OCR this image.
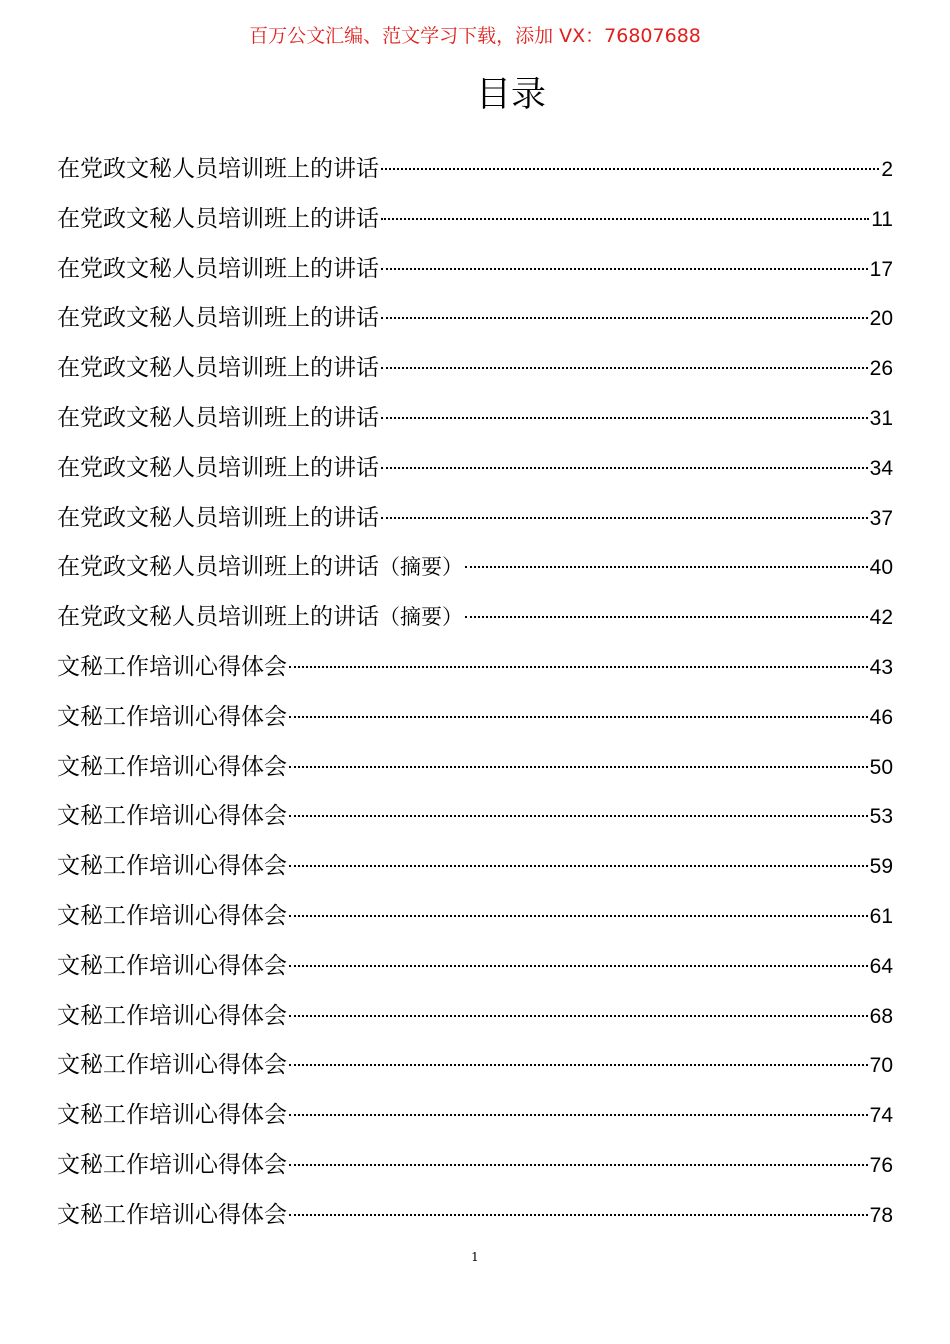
百万公文汇编、范文学习下载，添加 VX：76807688
目录
在党政文秘人员培训班上的讲话	2
在党政文秘人员培训班上的讲话	11
在党政文秘人员培训班上的讲话	17
在党政文秘人员培训班上的讲话	20
在党政文秘人员培训班上的讲话	26
在党政文秘人员培训班上的讲话	31
在党政文秘人员培训班上的讲话	34
在党政文秘人员培训班上的讲话	37
在党政文秘人员培训班上的讲话 （摘要）	40
在党政文秘人员培训班上的讲话 （摘要）	42
文秘工作培训心得体会	43
文秘工作培训心得体会	46
文秘工作培训心得体会	50
文秘工作培训心得体会	53
文秘工作培训心得体会	59
文秘工作培训心得体会	61
文秘工作培训心得体会	64
文秘工作培训心得体会	68
文秘工作培训心得体会	70
文秘工作培训心得体会	74
文秘工作培训心得体会	76
文秘工作培训心得体会	78
1
